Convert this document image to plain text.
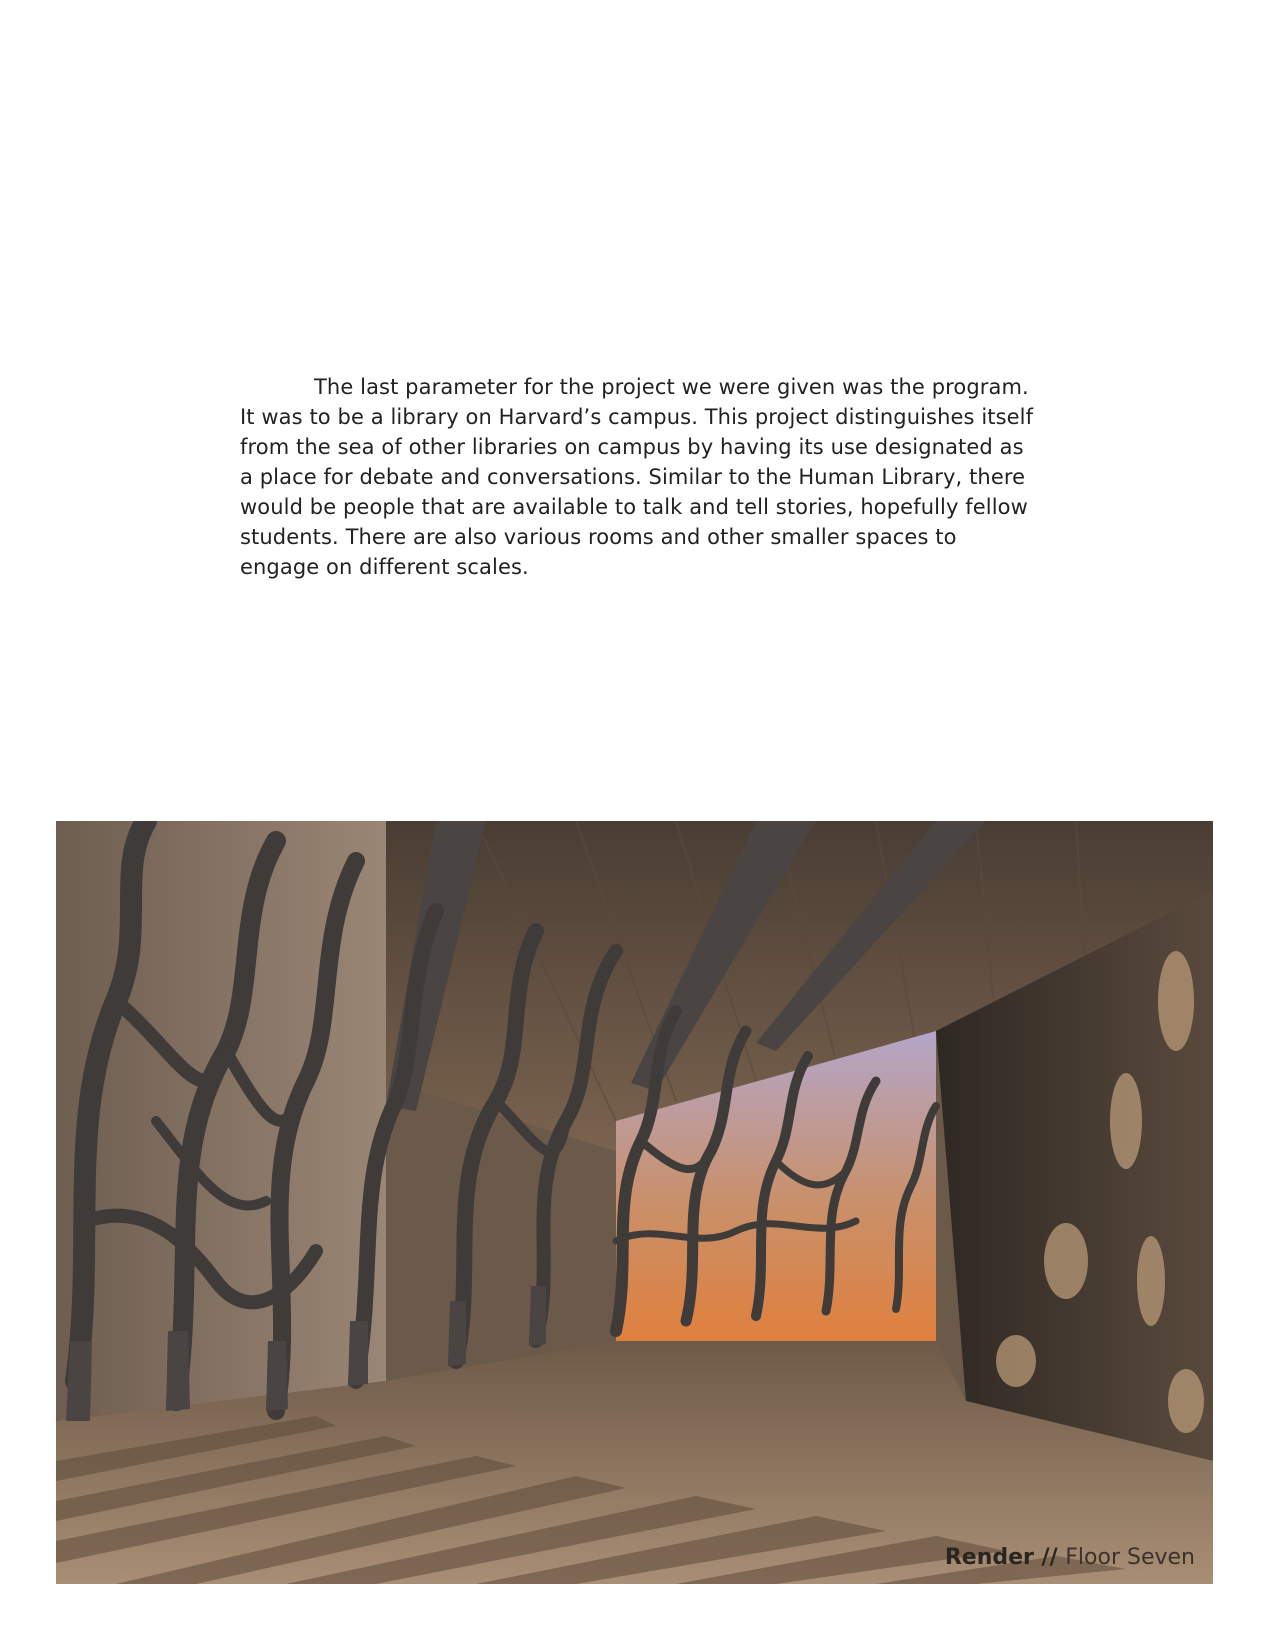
The last parameter for the project we were given was the program. It was to be a library on Harvard’s campus. This project distinguishes itself from the sea of other libraries on campus by having its use designated as a place for debate and conversations. Similar to the Human Library, there would be people that are available to talk and tell stories, hopefully fellow students. There are also various rooms and other smaller spaces to engage on different scales.

Render // Floor Seven
